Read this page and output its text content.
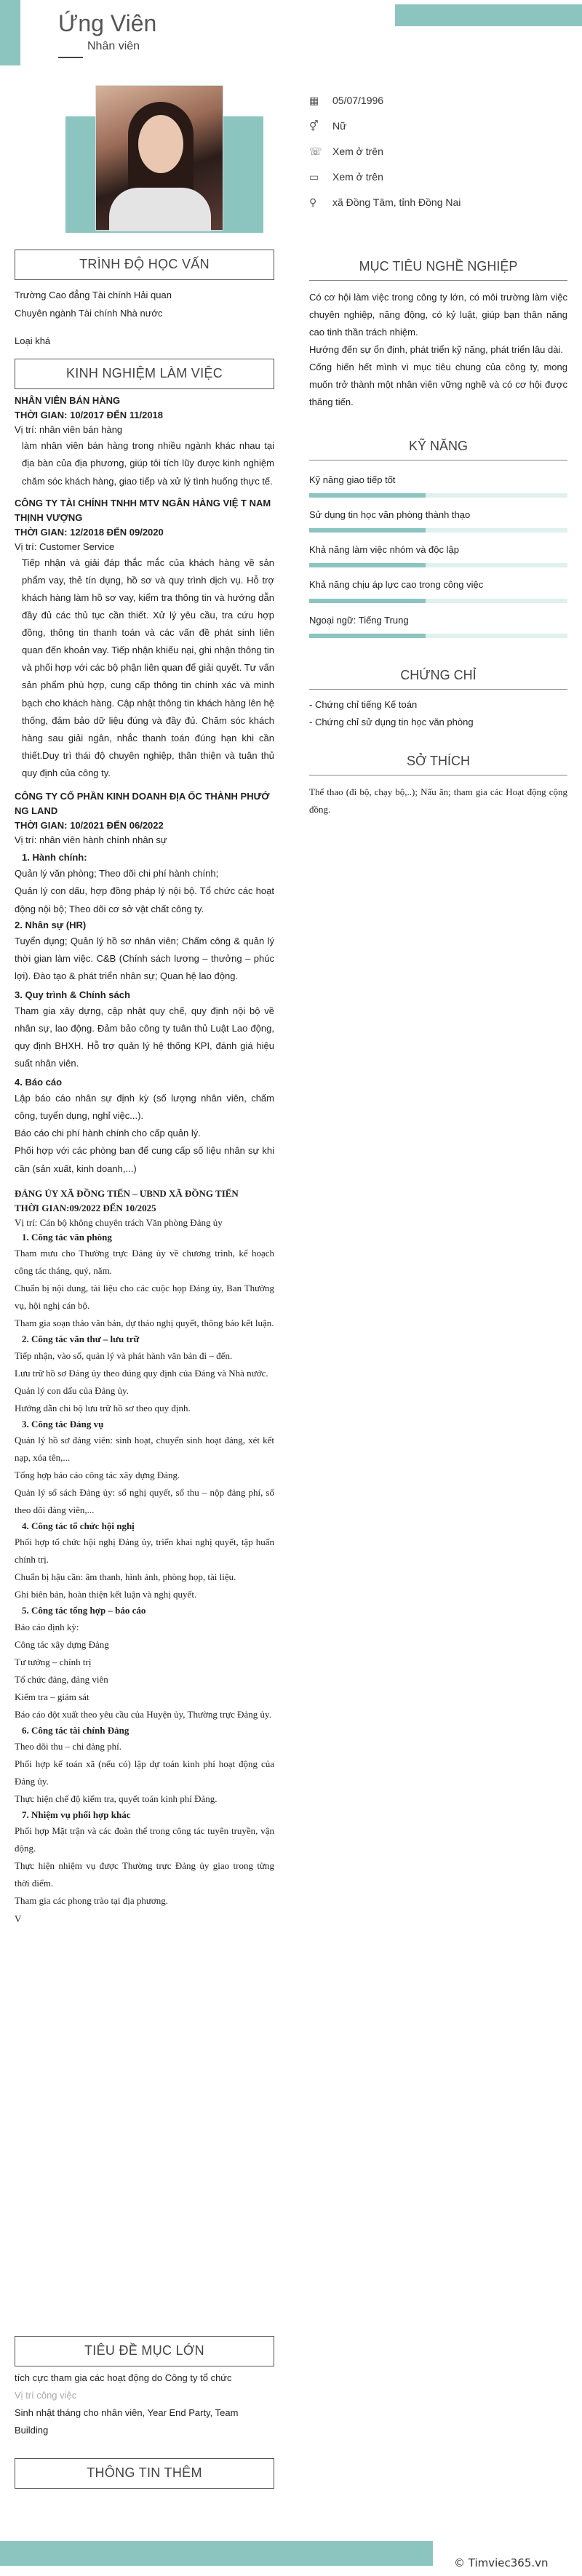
Ứng Viên
Nhân viên
▦ 05/07/1996
⚥ Nữ
☏ Xem ở trên
▭ Xem ở trên
⚲ xã Đồng Tâm, tỉnh Đồng Nai
TRÌNH ĐỘ HỌC VẤN
Trường Cao đẳng Tài chính Hải quan
Chuyên ngành Tài chính Nhà nước
Loại khá
KINH NGHIỆM LÀM VIỆC
NHÂN VIÊN BÁN HÀNG
THỜI GIAN: 10/2017 ĐẾN 11/2018
Vị trí: nhân viên bán hàng
làm nhân viên bán hàng trong nhiều ngành khác nhau tại địa bàn của địa phương, giúp tôi tích lũy được kinh nghiệm chăm sóc khách hàng, giao tiếp và xử lý tình huống thực tế.
CÔNG TY TÀI CHÍNH TNHH MTV NGÂN HÀNG VIỆ T NAM THỊNH VƯỢNG
THỜI GIAN: 12/2018 ĐẾN 09/2020
Vị trí: Customer Service
Tiếp nhận và giải đáp thắc mắc của khách hàng về sản phẩm vay, thẻ tín dụng, hồ sơ và quy trình dịch vụ. Hỗ trợ khách hàng làm hồ sơ vay, kiểm tra thông tin và hướng dẫn đầy đủ các thủ tục cần thiết. Xử lý yêu cầu, tra cứu hợp đồng, thông tin thanh toán và các vấn đề phát sinh liên quan đến khoản vay. Tiếp nhận khiếu nại, ghi nhận thông tin và phối hợp với các bộ phận liên quan để giải quyết. Tư vấn sản phẩm phù hợp, cung cấp thông tin chính xác và minh bạch cho khách hàng. Cập nhật thông tin khách hàng lên hệ thống, đảm bảo dữ liệu đúng và đầy đủ. Chăm sóc khách hàng sau giải ngân, nhắc thanh toán đúng hạn khi cần thiết.Duy trì thái độ chuyên nghiệp, thân thiện và tuân thủ quy định của công ty.
CÔNG TY CỔ PHẦN KINH DOANH ĐỊA ỐC THÀNH PHƯỚ NG LAND
THỜI GIAN: 10/2021 ĐẾN 06/2022
Vị trí: nhân viên hành chính nhân sự
1. Hành chính:
Quản lý văn phòng; Theo dõi chi phí hành chính;
Quản lý con dấu, hợp đồng pháp lý nội bộ. Tổ chức các hoạt động nội bộ; Theo dõi cơ sở vật chất công ty.
2. Nhân sự (HR)
Tuyển dụng; Quản lý hồ sơ nhân viên; Chấm công & quản lý thời gian làm việc. C&B (Chính sách lương – thưởng – phúc lợi). Đào tạo & phát triển nhân sự; Quan hệ lao động.
3. Quy trình & Chính sách
Tham gia xây dựng, cập nhật quy chế, quy định nội bộ về nhân sự, lao động. Đảm bảo công ty tuân thủ Luật Lao động, quy định BHXH. Hỗ trợ quản lý hệ thống KPI, đánh giá hiệu suất nhân viên.
4. Báo cáo
Lập báo cáo nhân sự định kỳ (số lượng nhân viên, chấm công, tuyển dụng, nghỉ việc...).
Báo cáo chi phí hành chính cho cấp quản lý.
Phối hợp với các phòng ban để cung cấp số liệu nhân sự khi cần (sản xuất, kinh doanh,...)
ĐẢNG ỦY XÃ ĐỒNG TIẾN – UBND XÃ ĐỒNG TIẾN
THỜI GIAN:09/2022 ĐẾN 10/2025
Vị trí: Cán bộ không chuyên trách Văn phòng Đảng ủy
1. Công tác văn phòng
Tham mưu cho Thường trực Đảng ủy về chương trình, kế hoạch công tác tháng, quý, năm.
Chuẩn bị nội dung, tài liệu cho các cuộc họp Đảng ủy, Ban Thường vụ, hội nghị cán bộ.
Tham gia soạn thảo văn bản, dự thảo nghị quyết, thông báo kết luận.
2. Công tác văn thư – lưu trữ
Tiếp nhận, vào sổ, quản lý và phát hành văn bản đi – đến.
Lưu trữ hồ sơ Đảng ủy theo đúng quy định của Đảng và Nhà nước.
Quản lý con dấu của Đảng ủy.
Hướng dẫn chi bộ lưu trữ hồ sơ theo quy định.
3. Công tác Đảng vụ
Quản lý hồ sơ đảng viên: sinh hoạt, chuyển sinh hoạt đảng, xét kết nạp, xóa tên,...
Tổng hợp báo cáo công tác xây dựng Đảng.
Quản lý sổ sách Đảng ủy: sổ nghị quyết, sổ thu – nộp đảng phí, sổ theo dõi đảng viên,...
4. Công tác tổ chức hội nghị
Phối hợp tổ chức hội nghị Đảng ủy, triển khai nghị quyết, tập huấn chính trị.
Chuẩn bị hậu cần: âm thanh, hình ảnh, phòng họp, tài liệu.
Ghi biên bản, hoàn thiện kết luận và nghị quyết.
5. Công tác tổng hợp – báo cáo
Báo cáo định kỳ:
Công tác xây dựng Đảng
Tư tưởng – chính trị
Tổ chức đảng, đảng viên
Kiểm tra – giám sát
Báo cáo đột xuất theo yêu cầu của Huyện ủy, Thường trực Đảng ủy.
6. Công tác tài chính Đảng
Theo dõi thu – chi đảng phí.
Phối hợp kế toán xã (nếu có) lập dự toán kinh phí hoạt động của Đảng ủy.
Thực hiện chế độ kiểm tra, quyết toán kinh phí Đảng.
7. Nhiệm vụ phối hợp khác
Phối hợp Mặt trận và các đoàn thể trong công tác tuyên truyền, vận động.
Thực hiện nhiệm vụ được Thường trực Đảng ủy giao trong từng thời điểm.
Tham gia các phong trào tại địa phương.
V
TIÊU ĐỀ MỤC LỚN
tích cực tham gia các hoạt động do Công ty tổ chức
Vị trí công việc
Sinh nhật tháng cho nhân viên, Year End Party, Team Building
THÔNG TIN THÊM
MỤC TIÊU NGHỀ NGHIỆP
Có cơ hội làm việc trong công ty lớn, có môi trường làm việc chuyên nghiệp, năng động, có kỷ luật, giúp bạn thân năng cao tinh thần trách nhiệm.
Hướng đến sự ổn định, phát triển kỹ năng, phát triển lâu dài.
Cống hiến hết mình vì mục tiêu chung của công ty, mong muốn trở thành một nhân viên vững nghề và có cơ hội được thăng tiến.
KỸ NĂNG
Kỹ năng giao tiếp tốt
Sử dụng tin học văn phòng thành thạo
Khả năng làm việc nhóm và độc lập
Khả năng chịu áp lực cao trong công việc
Ngoại ngữ: Tiếng Trung
CHỨNG CHỈ
- Chứng chỉ tiếng Kế toán
- Chứng chỉ sử dụng tin học văn phòng
SỞ THÍCH
Thể thao (đi bộ, chạy bộ,..); Nấu ăn; tham gia các Hoạt động cộng đồng.
© Timviec365.vn
